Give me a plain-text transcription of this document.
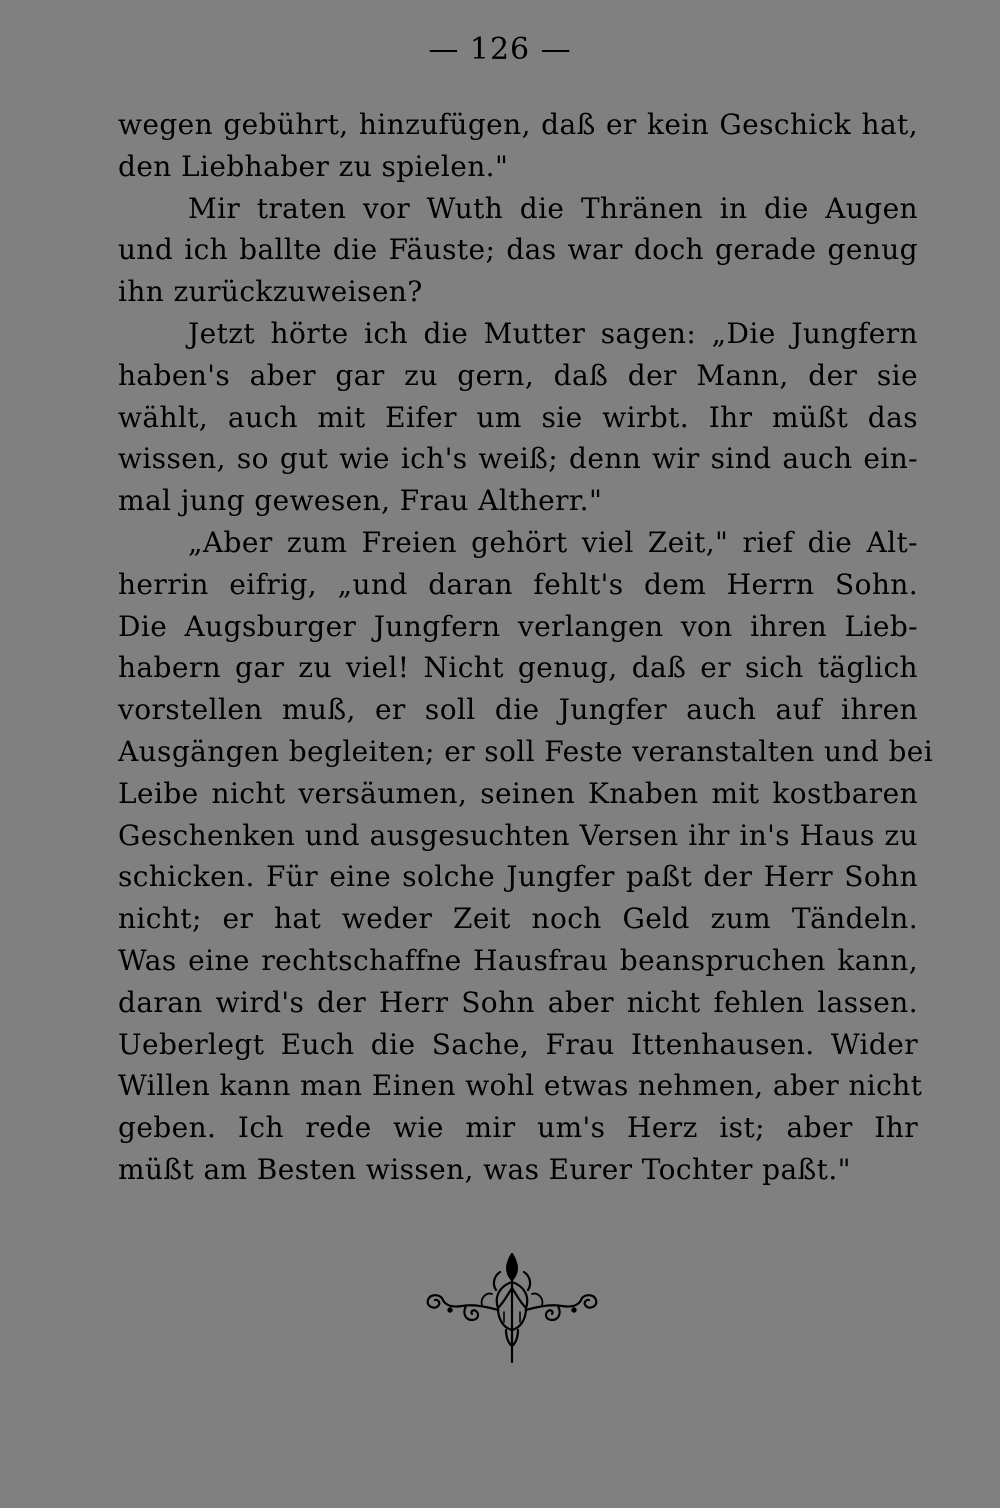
— 126 —
wegen gebührt, hinzufügen, daß er kein Geschick hat,
den Liebhaber zu spielen."
Mir traten vor Wuth die Thränen in die Augen
und ich ballte die Fäuste; das war doch gerade genug
ihn zurückzuweisen?
Jetzt hörte ich die Mutter sagen: „Die Jungfern
haben's aber gar zu gern, daß der Mann, der sie
wählt, auch mit Eifer um sie wirbt. Ihr müßt das
wissen, so gut wie ich's weiß; denn wir sind auch ein-
mal jung gewesen, Frau Altherr."
„Aber zum Freien gehört viel Zeit," rief die Alt-
herrin eifrig, „und daran fehlt's dem Herrn Sohn.
Die Augsburger Jungfern verlangen von ihren Lieb-
habern gar zu viel! Nicht genug, daß er sich täglich
vorstellen muß, er soll die Jungfer auch auf ihren
Ausgängen begleiten; er soll Feste veranstalten und bei
Leibe nicht versäumen, seinen Knaben mit kostbaren
Geschenken und ausgesuchten Versen ihr in's Haus zu
schicken. Für eine solche Jungfer paßt der Herr Sohn
nicht; er hat weder Zeit noch Geld zum Tändeln.
Was eine rechtschaffne Hausfrau beanspruchen kann,
daran wird's der Herr Sohn aber nicht fehlen lassen.
Ueberlegt Euch die Sache, Frau Ittenhausen. Wider
Willen kann man Einen wohl etwas nehmen, aber nicht
geben. Ich rede wie mir um's Herz ist; aber Ihr
müßt am Besten wissen, was Eurer Tochter paßt."
